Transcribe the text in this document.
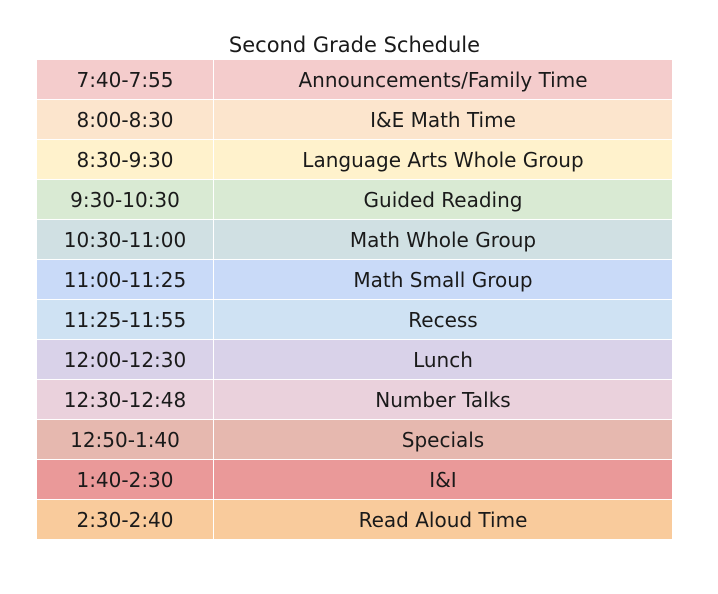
Second Grade Schedule
7:40-7:55	Announcements/Family Time
8:00-8:30	I&E Math Time
8:30-9:30	Language Arts Whole Group
9:30-10:30	Guided Reading
10:30-11:00	Math Whole Group
11:00-11:25	Math Small Group
11:25-11:55	Recess
12:00-12:30	Lunch
12:30-12:48	Number Talks
12:50-1:40	Specials
1:40-2:30	I&I
2:30-2:40	Read Aloud Time
